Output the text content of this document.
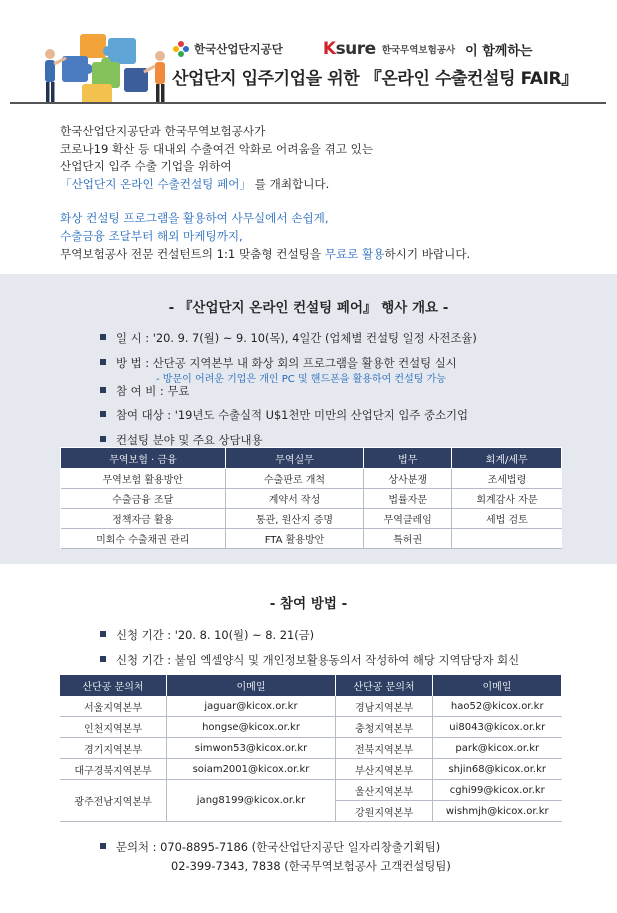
한국산업단지공단 Ksure 한국무역보험공사 이 함께하는
산업단지 입주기업을 위한 『온라인 수출컨설팅 FAIR』
한국산업단지공단과 한국무역보험공사가
코로나19 확산 등 대내외 수출여건 악화로 어려움을 겪고 있는
산업단지 입주 수출 기업을 위하여
「산업단지 온라인 수출컨설팅 페어」 를 개최합니다.
화상 컨설팅 프로그램을 활용하여 사무실에서 손쉽게,
수출금융 조달부터 해외 마케팅까지,
무역보험공사 전문 컨설턴트의 1:1 맞춤형 컨설팅을 무료로 활용하시기 바랍니다.
- 『산업단지 온라인 컨설팅 페어』 행사 개요 -
일 시 : '20. 9. 7(월) ~ 9. 10(목), 4일간 (업체별 컨설팅 일정 사전조율)
방 법 : 산단공 지역본부 내 화상 회의 프로그램을 활용한 컨설팅 실시
- 방문이 어려운 기업은 개인 PC 및 핸드폰을 활용하여 컨설팅 가능
참 여 비 : 무료
참여 대상 : '19년도 수출실적 U$1천만 미만의 산업단지 입주 중소기업
컨설팅 분야 및 주요 상담내용
무역보험 · 금융	무역실무	법무	회계/세무
무역보험 활용방안	수출판로 개척	상사분쟁	조세법령
수출금융 조달	계약서 작성	법률자문	회계감사 자문
정책자금 활용	통관, 원산지 증명	무역클레임	세법 검토
미회수 수출채권 관리	FTA 활용방안	특허권	
- 참여 방법 -
신청 기간 : '20. 8. 10(월) ~ 8. 21(금)
신청 기간 : 붙임 엑셀양식 및 개인정보활용동의서 작성하여 해당 지역담당자 회신
산단공 문의처	이메일	산단공 문의처	이메일
서울지역본부	jaguar@kicox.or.kr	경남지역본부	hao52@kicox.or.kr
인천지역본부	hongse@kicox.or.kr	충청지역본부	ui8043@kicox.or.kr
경기지역본부	simwon53@kicox.or.kr	전북지역본부	park@kicox.or.kr
대구경북지역본부	soiam2001@kicox.or.kr	부산지역본부	shjin68@kicox.or.kr
광주전남지역본부	jang8199@kicox.or.kr	울산지역본부	cghi99@kicox.or.kr
		강원지역본부	wishmjh@kicox.or.kr
문의처 : 070-8895-7186 (한국산업단지공단 일자리창출기획팀)
02-399-7343, 7838 (한국무역보험공사 고객컨설팅팀)
